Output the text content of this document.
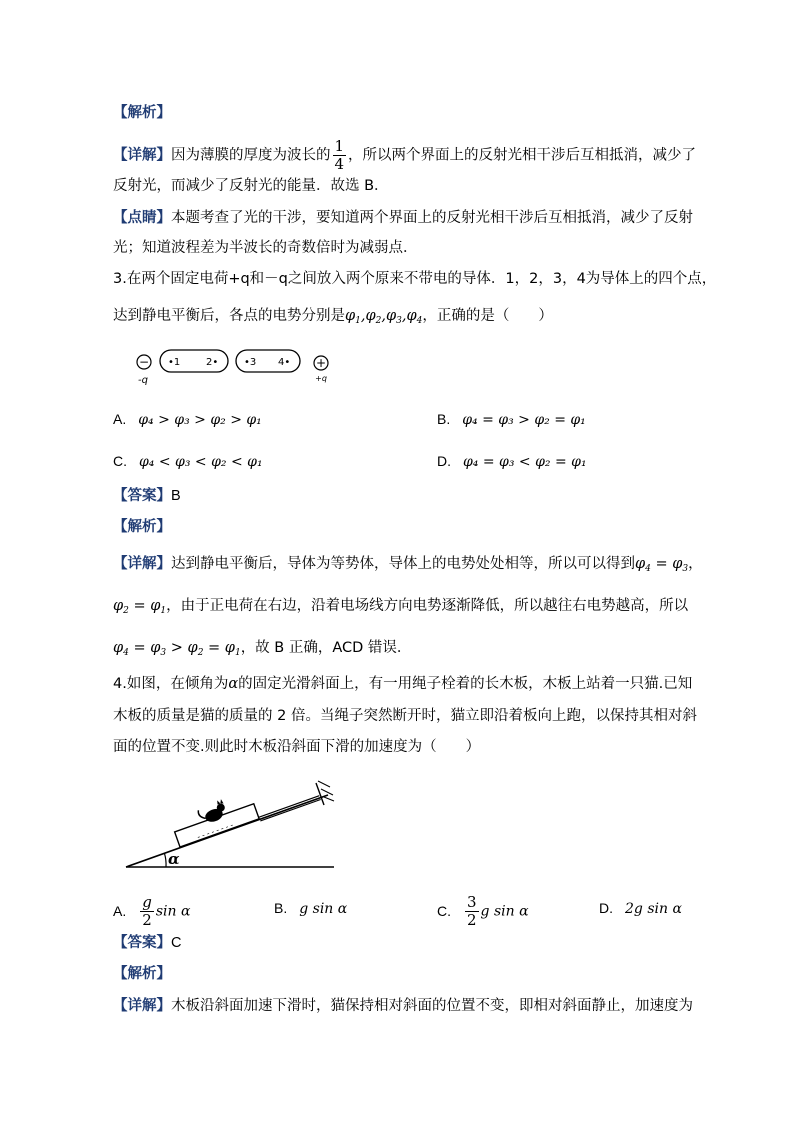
【解析】
【详解】因为薄膜的厚度为波长的 $\frac{1}{4}$ ，所以两个界面上的反射光相干涉后互相抵消，减少了
反射光，而减少了反射光的能量．故选 B．
【点睛】本题考查了光的干涉，要知道两个界面上的反射光相干涉后互相抵消，减少了反射
光；知道波程差为半波长的奇数倍时为减弱点．
3.在两个固定电荷+q和－q之间放入两个原来不带电的导体．1，2，3，4为导体上的四个点，
达到静电平衡后，各点的电势分别是$\varphi_1,\varphi_2,\varphi_3,\varphi_4$，正确的是（　　）
−
-q
•1	2•	•3 4• +
+q
A. φ₄ > φ₃ > φ₂ > φ₁	B. φ₄ = φ₃ > φ₂ = φ₁
C. φ₄ < φ₃ < φ₂ < φ₁	D. φ₄ = φ₃ < φ₂ = φ₁
【答案】B
【解析】
【详解】达到静电平衡后，导体为等势体，导体上的电势处处相等，所以可以得到$\varphi_4 = \varphi_3$，
$\varphi_2 = \varphi_1$，由于正电荷在右边，沿着电场线方向电势逐渐降低，所以越往右电势越高，所以
$\varphi_4 = \varphi_3 > \varphi_2 = \varphi_1$，故 B 正确，ACD 错误．
4.如图，在倾角为α的固定光滑斜面上，有一用绳子栓着的长木板，木板上站着一只猫.已知
木板的质量是猫的质量的 2 倍。当绳子突然断开时，猫立即沿着板向上跑，以保持其相对斜
面的位置不变.则此时木板沿斜面下滑的加速度为（　　）
α
A. $\frac{g}{2}$ sin α	B. g sin α	C. $\frac{3}{2}$ g sin α	D. 2g sin α
【答案】C
【解析】
【详解】木板沿斜面加速下滑时，猫保持相对斜面的位置不变，即相对斜面静止，加速度为
